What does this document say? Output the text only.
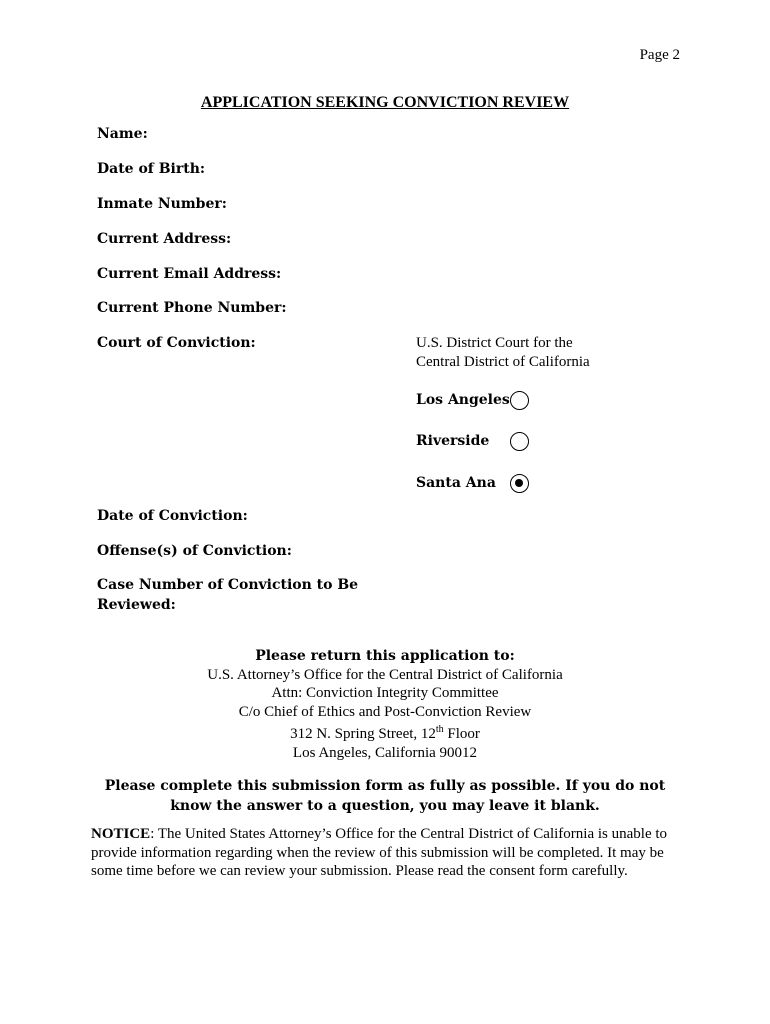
Page 2
APPLICATION SEEKING CONVICTION REVIEW
Name:
Date of Birth:
Inmate Number:
Current Address:
Current Email Address:
Current Phone Number:
Court of Conviction:	U.S. District Court for the
Central District of California
Los Angeles
Riverside
Santa Ana
Date of Conviction:
Offense(s) of Conviction:
Case Number of Conviction to Be
Reviewed:
Please return this application to:
U.S. Attorney’s Office for the Central District of California
Attn: Conviction Integrity Committee
C/o Chief of Ethics and Post-Conviction Review
312 N. Spring Street, 12th Floor
Los Angeles, California 90012
Please complete this submission form as fully as possible. If you do not
know the answer to a question, you may leave it blank.
NOTICE: The United States Attorney’s Office for the Central District of California is unable to provide information regarding when the review of this submission will be completed. It may be some time before we can review your submission. Please read the consent form carefully.
